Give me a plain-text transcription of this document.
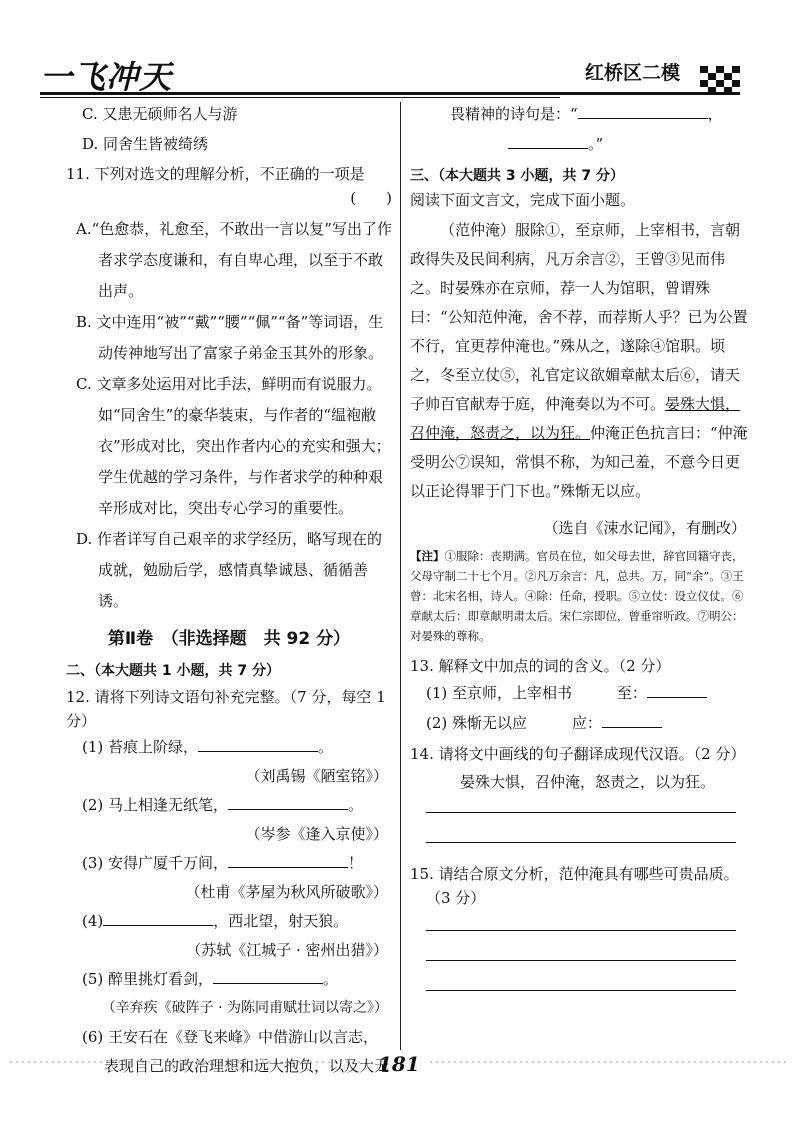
一飞冲天	红桥区二模

C. 又患无硕师名人与游

D. 同舍生皆被绮绣

11. 下列对选文的理解分析，不正确的一项是

(　　)

A.“色愈恭，礼愈至，不敢出一言以复”写出了作者求学态度谦和，有自卑心理，以至于不敢出声。

B. 文中连用“被”“戴”“腰”“佩”“备”等词语，生动传神地写出了富家子弟金玉其外的形象。

C. 文章多处运用对比手法，鲜明而有说服力。如“同舍生”的豪华装束，与作者的“缊袍敝衣”形成对比，突出作者内心的充实和强大；学生优越的学习条件，与作者求学的种种艰辛形成对比，突出专心学习的重要性。

D. 作者详写自己艰辛的求学经历，略写现在的成就，勉励后学，感情真挚诚恳、循循善诱。

第Ⅱ卷　（非选择题　共 92 分）

二、（本大题共 1 小题，共 7 分）

12. 请将下列诗文语句补充完整。（7 分，每空 1 分）

(1) 苔痕上阶绿，	。

（刘禹锡《陋室铭》）

(2) 马上相逢无纸笔，	。

（岑参《逢入京使》）

(3) 安得广厦千万间，	！

（杜甫《茅屋为秋风所破歌》）

(4)	，西北望，射天狼。

（苏轼《江城子 · 密州出猎》）

(5) 醉里挑灯看剑，	。

（辛弃疾《破阵子 · 为陈同甫赋壮词以寄之》）

(6) 王安石在《登飞来峰》中借游山以言志，表现自己的政治理想和远大抱负，以及大无

畏精神的诗句是：“	，

。”

三、（本大题共 3 小题，共 7 分）

阅读下面文言文，完成下面小题。

（范仲淹）服除①，至京师，上宰相书，言朝政得失及民间利病，凡万余言②，王曾③见而伟之。时晏殊亦在京师，荐一人为馆职，曾谓殊曰：“公知范仲淹，舍不荐，而荐斯人乎？已为公置不行，宜更荐仲淹也。”殊从之，遂除④馆职。顷之，冬至立仗⑤，礼官定议欲媚章献太后⑥，请天子帅百官献寿于庭，仲淹奏以为不可。晏殊大惧，召仲淹，怒责之，以为狂。仲淹正色抗言曰：“仲淹受明公⑦误知，常惧不称，为知己羞，不意今日更以正论得罪于门下也。”殊惭无以应。

（选自《涑水记闻》，有删改）

【注】①服除：丧期满。官员在位，如父母去世，辞官回籍守丧，父母守制二十七个月。②凡万余言：凡，总共。万，同“余”。③王曾：北宋名相，诗人。④除：任命，授职。⑤立仗：设立仪仗。⑥章献太后：即章献明肃太后。宋仁宗即位，曾垂帘听政。⑦明公：对晏殊的尊称。

13. 解释文中加点的词的含义。（2 分）

(1) 至京师，上宰相书	至：

(2) 殊惭无以应	应：

14. 请将文中画线的句子翻译成现代汉语。（2 分）

晏殊大惧，召仲淹，怒责之，以为狂。

15. 请结合原文分析，范仲淹具有哪些可贵品质。

（3 分）

181
